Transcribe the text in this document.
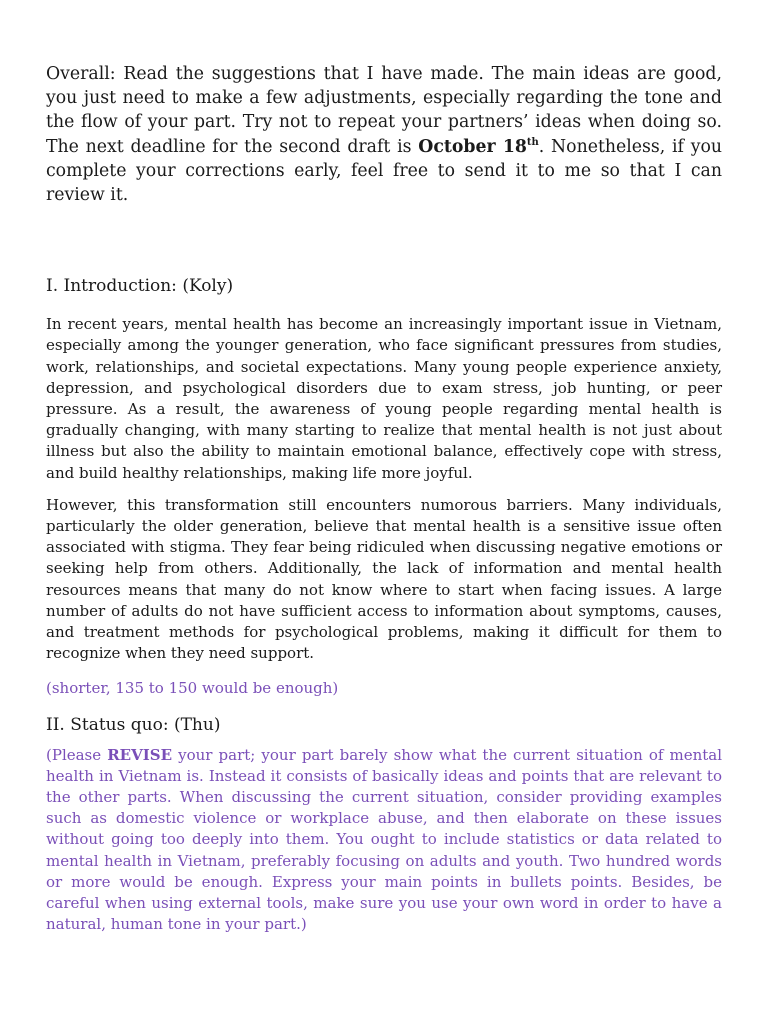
Overall: Read the suggestions that I have made. The main ideas are good, you just need to make a few adjustments, especially regarding the tone and the flow of your part. Try not to repeat your partners’ ideas when doing so. The next deadline for the second draft is October 18th. Nonetheless, if you complete your corrections early, feel free to send it to me so that I can review it.

I. Introduction: (Koly)

In recent years, mental health has become an increasingly important issue in Vietnam, especially among the younger generation, who face significant pressures from studies, work, relationships, and societal expectations. Many young people experience anxiety, depression, and psychological disorders due to exam stress, job hunting, or peer pressure. As a result, the awareness of young people regarding mental health is gradually changing, with many starting to realize that mental health is not just about illness but also the ability to maintain emotional balance, effectively cope with stress, and build healthy relationships, making life more joyful.

However, this transformation still encounters numorous barriers. Many individuals, particularly the older generation, believe that mental health is a sensitive issue often associated with stigma. They fear being ridiculed when discussing negative emotions or seeking help from others. Additionally, the lack of information and mental health resources means that many do not know where to start when facing issues. A large number of adults do not have sufficient access to information about symptoms, causes, and treatment methods for psychological problems, making it difficult for them to recognize when they need support.

(shorter, 135 to 150 would be enough)

II. Status quo: (Thu)

(Please REVISE your part; your part barely show what the current situation of mental health in Vietnam is. Instead it consists of basically ideas and points that are relevant to the other parts. When discussing the current situation, consider providing examples such as domestic violence or workplace abuse, and then elaborate on these issues without going too deeply into them. You ought to include statistics or data related to mental health in Vietnam, preferably focusing on adults and youth. Two hundred words or more would be enough. Express your main points in bullets points. Besides, be careful when using external tools, make sure you use your own word in order to have a natural, human tone in your part.)
